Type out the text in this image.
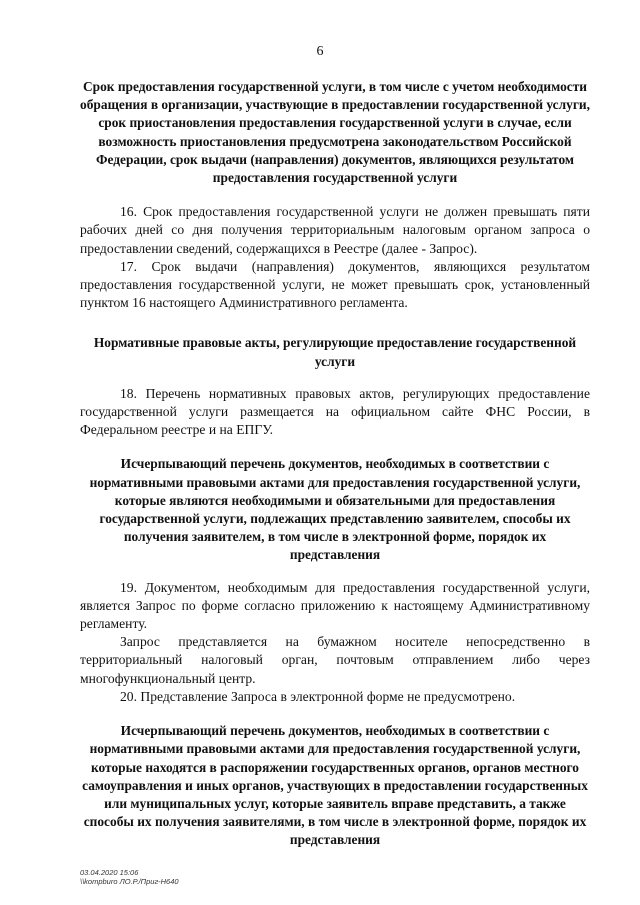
6

Срок предоставления государственной услуги, в том числе с учетом необходимости обращения в организации, участвующие в предоставлении государственной услуги, срок приостановления предоставления государственной услуги в случае, если возможность приостановления предусмотрена законодательством Российской Федерации, срок выдачи (направления) документов, являющихся результатом предоставления государственной услуги

16. Срок предоставления государственной услуги не должен превышать пяти рабочих дней со дня получения территориальным налоговым органом запроса о предоставлении сведений, содержащихся в Реестре (далее - Запрос).

17. Срок выдачи (направления) документов, являющихся результатом предоставления государственной услуги, не может превышать срок, установленный пунктом 16 настоящего Административного регламента.

Нормативные правовые акты, регулирующие предоставление государственной услуги

18. Перечень нормативных правовых актов, регулирующих предоставление государственной услуги размещается на официальном сайте ФНС России, в Федеральном реестре и на ЕПГУ.

Исчерпывающий перечень документов, необходимых в соответствии с нормативными правовыми актами для предоставления государственной услуги, которые являются необходимыми и обязательными для предоставления государственной услуги, подлежащих представлению заявителем, способы их получения заявителем, в том числе в электронной форме, порядок их представления

19. Документом, необходимым для предоставления государственной услуги, является Запрос по форме согласно приложению к настоящему Административному регламенту.

Запрос представляется на бумажном носителе непосредственно в территориальный налоговый орган, почтовым отправлением либо через многофункциональный центр.

20. Представление Запроса в электронной форме не предусмотрено.

Исчерпывающий перечень документов, необходимых в соответствии с нормативными правовыми актами для предоставления государственной услуги, которые находятся в распоряжении государственных органов, органов местного самоуправления и иных органов, участвующих в предоставлении государственных или муниципальных услуг, которые заявитель вправе представить, а также способы их получения заявителями, в том числе в электронной форме, порядок их представления

03.04.2020 15:06
\\kompburo ЛО.Р./Приг-Н640
